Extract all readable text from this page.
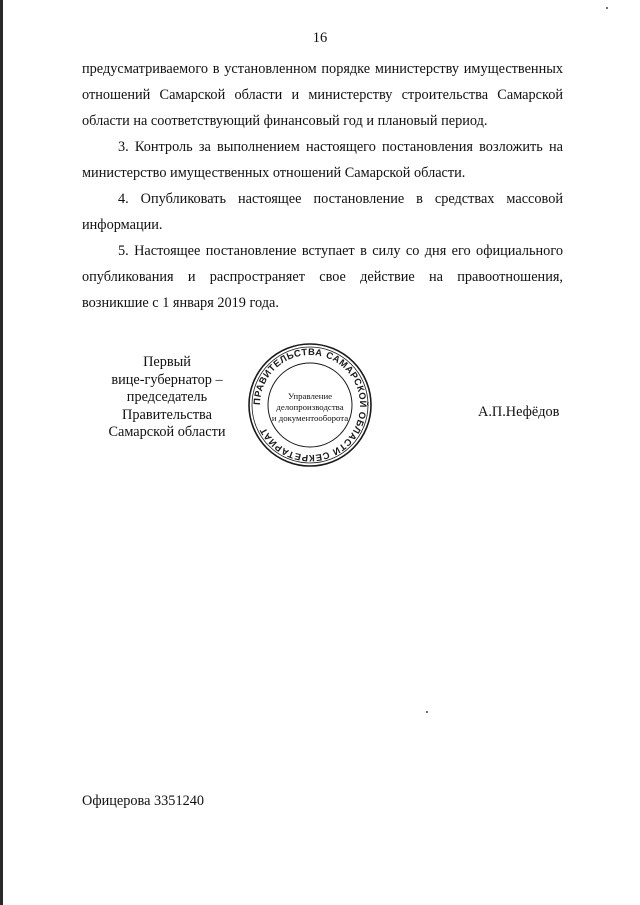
16

предусматриваемого в установленном порядке министерству имущественных отношений Самарской области и министерству строительства Самарской области на соответствующий финансовый год и плановый период.

3. Контроль за выполнением настоящего постановления возложить на министерство имущественных отношений Самарской области.

4. Опубликовать настоящее постановление в средствах массовой информации.

5. Настоящее постановление вступает в силу со дня его официального опубликования и распространяет свое действие на правоотношения, возникшие с 1 января 2019 года.

Первый
вице-губернатор –
председатель Правительства
Самарской области
ПРАВИТЕЛЬСТВА САМАРСКОЙ ОБЛАСТИ СЕКРЕТАРИАТ
Управление
делопроизводства
и документооборота	А.П.Нефёдов
Офицерова 3351240
